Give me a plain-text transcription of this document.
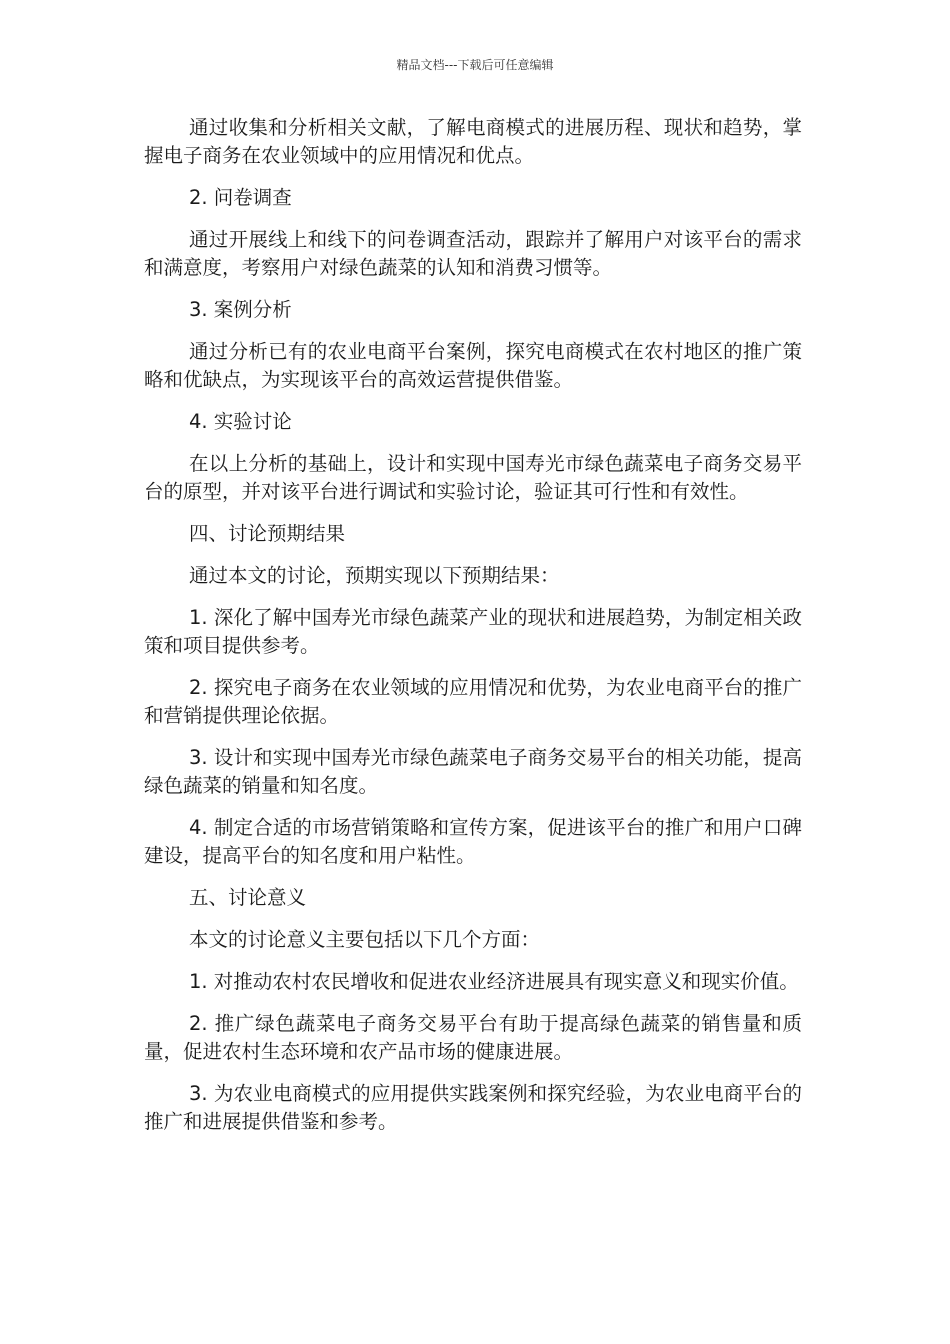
精品文档---下载后可任意编辑

通过收集和分析相关文献，了解电商模式的进展历程、现状和趋势，掌握电子商务在农业领域中的应用情况和优点。

2. 问卷调查

通过开展线上和线下的问卷调查活动，跟踪并了解用户对该平台的需求和满意度，考察用户对绿色蔬菜的认知和消费习惯等。

3. 案例分析

通过分析已有的农业电商平台案例，探究电商模式在农村地区的推广策略和优缺点，为实现该平台的高效运营提供借鉴。

4. 实验讨论

在以上分析的基础上，设计和实现中国寿光市绿色蔬菜电子商务交易平台的原型，并对该平台进行调试和实验讨论，验证其可行性和有效性。

四、讨论预期结果

通过本文的讨论，预期实现以下预期结果：

1. 深化了解中国寿光市绿色蔬菜产业的现状和进展趋势，为制定相关政策和项目提供参考。

2. 探究电子商务在农业领域的应用情况和优势，为农业电商平台的推广和营销提供理论依据。

3. 设计和实现中国寿光市绿色蔬菜电子商务交易平台的相关功能，提高绿色蔬菜的销量和知名度。

4. 制定合适的市场营销策略和宣传方案，促进该平台的推广和用户口碑建设，提高平台的知名度和用户粘性。

五、讨论意义

本文的讨论意义主要包括以下几个方面：

1. 对推动农村农民增收和促进农业经济进展具有现实意义和现实价值。

2. 推广绿色蔬菜电子商务交易平台有助于提高绿色蔬菜的销售量和质量，促进农村生态环境和农产品市场的健康进展。

3. 为农业电商模式的应用提供实践案例和探究经验，为农业电商平台的推广和进展提供借鉴和参考。
